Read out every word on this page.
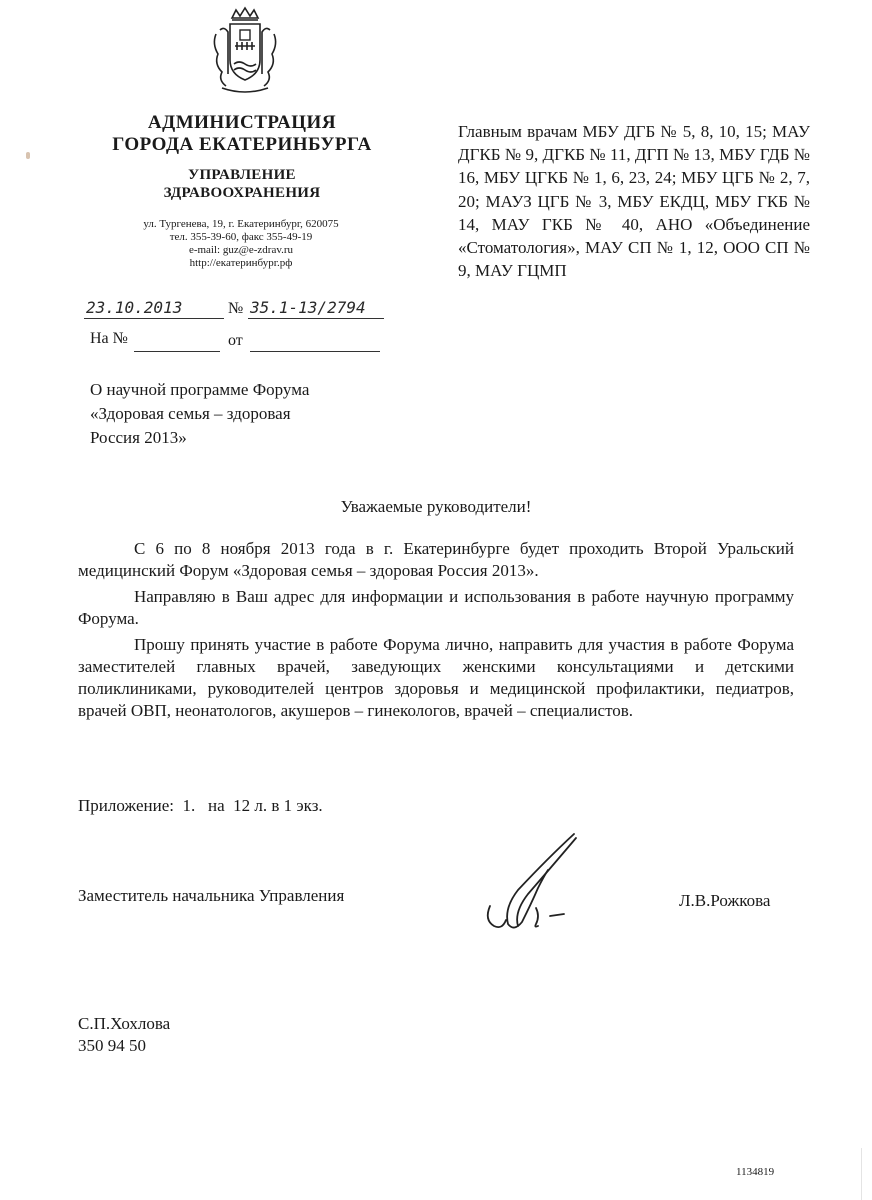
АДМИНИСТРАЦИЯ
ГОРОДА ЕКАТЕРИНБУРГА
УПРАВЛЕНИЕ
ЗДРАВООХРАНЕНИЯ
ул. Тургенева, 19, г. Екатеринбург, 620075
тел. 355-39-60, факс 355-49-19
e-mail: guz@e-zdrav.ru
http://екатеринбург.рф
Главным врачам МБУ ДГБ № 5, 8, 10, 15; МАУ ДГКБ № 9, ДГКБ № 11, ДГП № 13, МБУ ГДБ № 16, МБУ ЦГКБ № 1, 6, 23, 24; МБУ ЦГБ № 2, 7, 20; МАУЗ ЦГБ № 3, МБУ ЕКДЦ, МБУ ГКБ № 14, МАУ ГКБ № 40, АНО «Объединение «Стоматология», МАУ СП № 1, 12, ООО СП № 9, МАУ ГЦМП
23.10.2013	№ 35.1-13/2794
На №	от
О научной программе Форума
«Здоровая семья – здоровая
Россия 2013»
Уважаемые руководители!

С 6 по 8 ноября 2013 года в г. Екатеринбурге будет проходить Второй Уральский медицинский Форум «Здоровая семья – здоровая Россия 2013».

Направляю в Ваш адрес для информации и использования в работе научную программу Форума.

Прошу принять участие в работе Форума лично, направить для участия в работе Форума заместителей главных врачей, заведующих женскими консультациями и детскими поликлиниками, руководителей центров здоровья и медицинской профилактики, педиатров, врачей ОВП, неонатологов, акушеров – гинекологов, врачей – специалистов.

Приложение:  1.   на  12 л. в 1 экз.
Заместитель начальника Управления	Л.В.Рожкова
С.П.Хохлова
350 94 50
1134819
